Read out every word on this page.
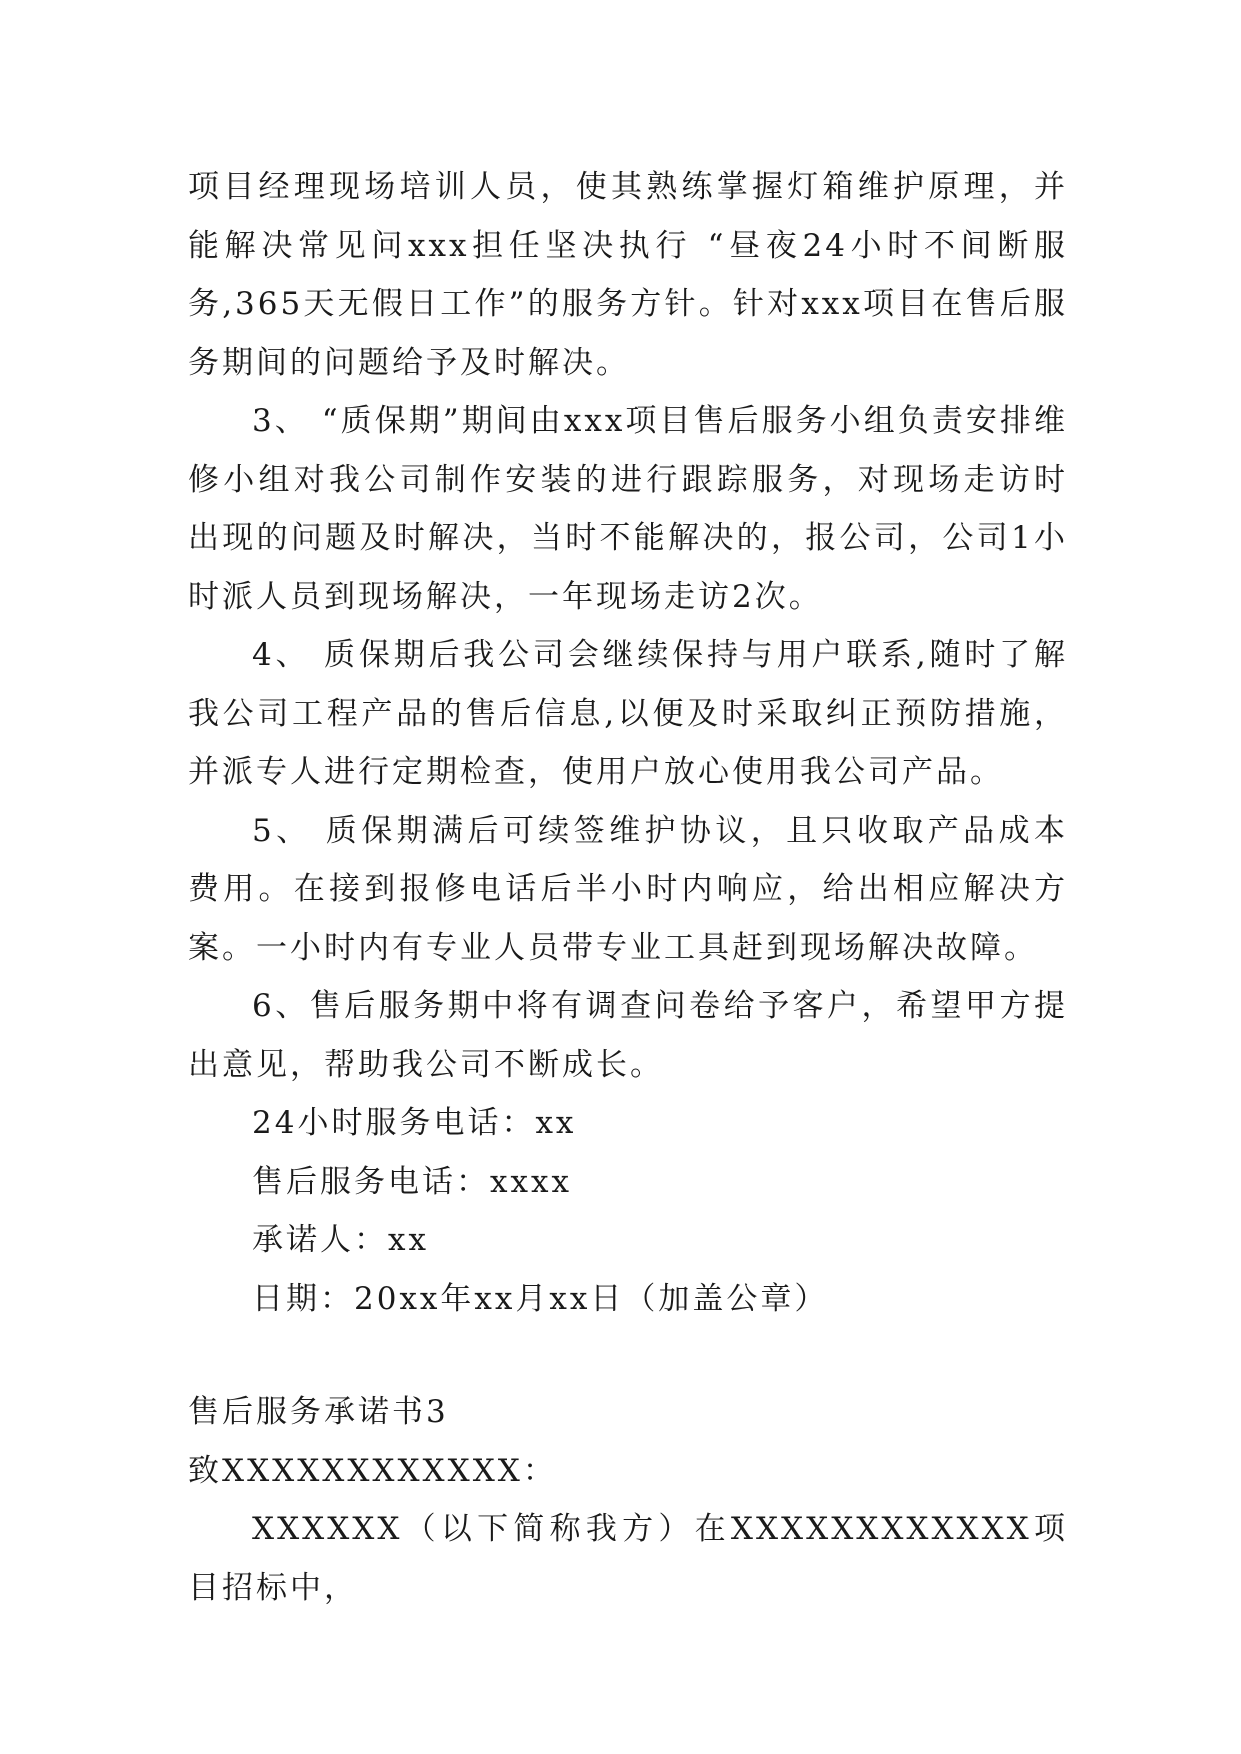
项目经理现场培训人员，使其熟练掌握灯箱维护原理，并能解决常见问xxx担任坚决执行 “昼夜24小时不间断服务,365天无假日工作”的服务方针。针对xxx项目在售后服务期间的问题给予及时解决。

3、 “质保期”期间由xxx项目售后服务小组负责安排维修小组对我公司制作安装的进行跟踪服务，对现场走访时出现的问题及时解决，当时不能解决的，报公司，公司1小时派人员到现场解决，一年现场走访2次。

4、 质保期后我公司会继续保持与用户联系,随时了解我公司工程产品的售后信息,以便及时采取纠正预防措施，并派专人进行定期检查，使用户放心使用我公司产品。

5、 质保期满后可续签维护协议，且只收取产品成本费用。在接到报修电话后半小时内响应，给出相应解决方案。一小时内有专业人员带专业工具赶到现场解决故障。

6、售后服务期中将有调查问卷给予客户，希望甲方提出意见，帮助我公司不断成长。

24小时服务电话：xx

售后服务电话：xxxx

承诺人：xx

日期：20xx年xx月xx日（加盖公章）

售后服务承诺书3

致XXXXXXXXXXXX：

XXXXXX（以下简称我方）在XXXXXXXXXXXX项目招标中，
